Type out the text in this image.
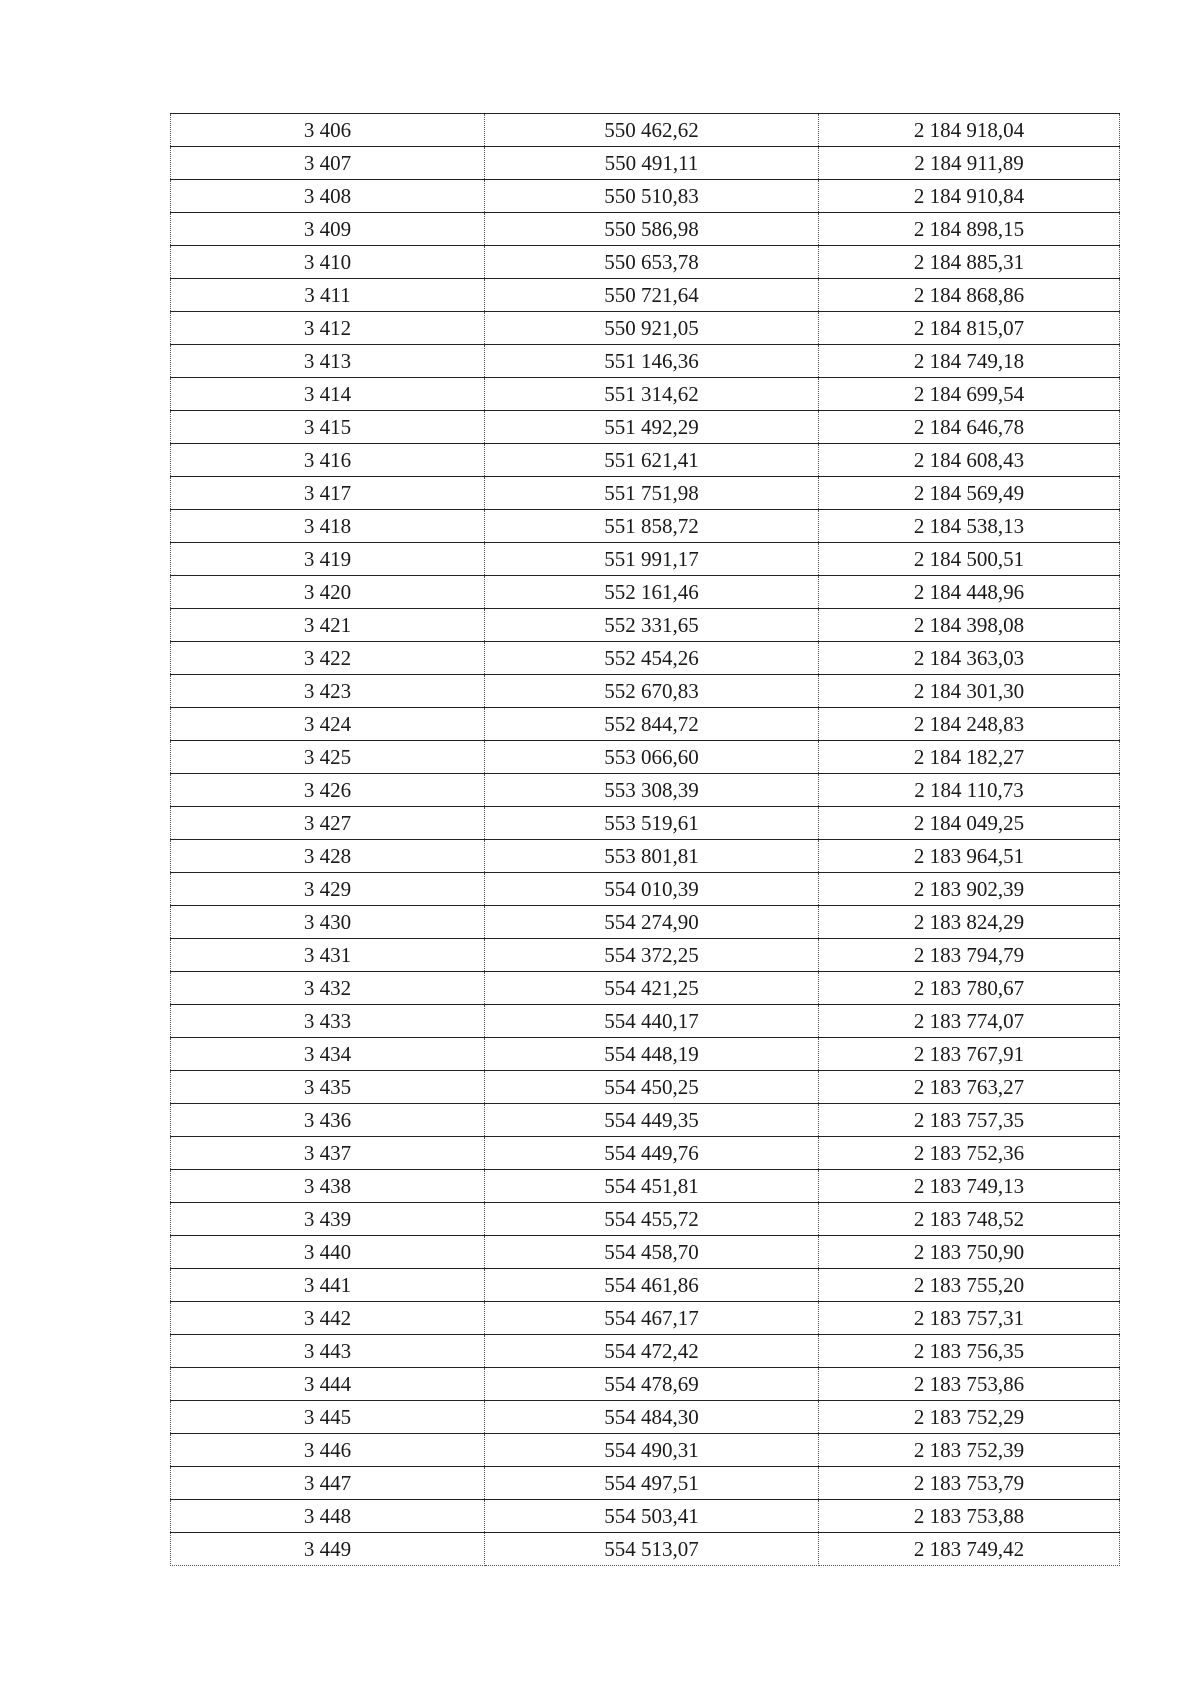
3 406	550 462,62	2 184 918,04
3 407	550 491,11	2 184 911,89
3 408	550 510,83	2 184 910,84
3 409	550 586,98	2 184 898,15
3 410	550 653,78	2 184 885,31
3 411	550 721,64	2 184 868,86
3 412	550 921,05	2 184 815,07
3 413	551 146,36	2 184 749,18
3 414	551 314,62	2 184 699,54
3 415	551 492,29	2 184 646,78
3 416	551 621,41	2 184 608,43
3 417	551 751,98	2 184 569,49
3 418	551 858,72	2 184 538,13
3 419	551 991,17	2 184 500,51
3 420	552 161,46	2 184 448,96
3 421	552 331,65	2 184 398,08
3 422	552 454,26	2 184 363,03
3 423	552 670,83	2 184 301,30
3 424	552 844,72	2 184 248,83
3 425	553 066,60	2 184 182,27
3 426	553 308,39	2 184 110,73
3 427	553 519,61	2 184 049,25
3 428	553 801,81	2 183 964,51
3 429	554 010,39	2 183 902,39
3 430	554 274,90	2 183 824,29
3 431	554 372,25	2 183 794,79
3 432	554 421,25	2 183 780,67
3 433	554 440,17	2 183 774,07
3 434	554 448,19	2 183 767,91
3 435	554 450,25	2 183 763,27
3 436	554 449,35	2 183 757,35
3 437	554 449,76	2 183 752,36
3 438	554 451,81	2 183 749,13
3 439	554 455,72	2 183 748,52
3 440	554 458,70	2 183 750,90
3 441	554 461,86	2 183 755,20
3 442	554 467,17	2 183 757,31
3 443	554 472,42	2 183 756,35
3 444	554 478,69	2 183 753,86
3 445	554 484,30	2 183 752,29
3 446	554 490,31	2 183 752,39
3 447	554 497,51	2 183 753,79
3 448	554 503,41	2 183 753,88
3 449	554 513,07	2 183 749,42
